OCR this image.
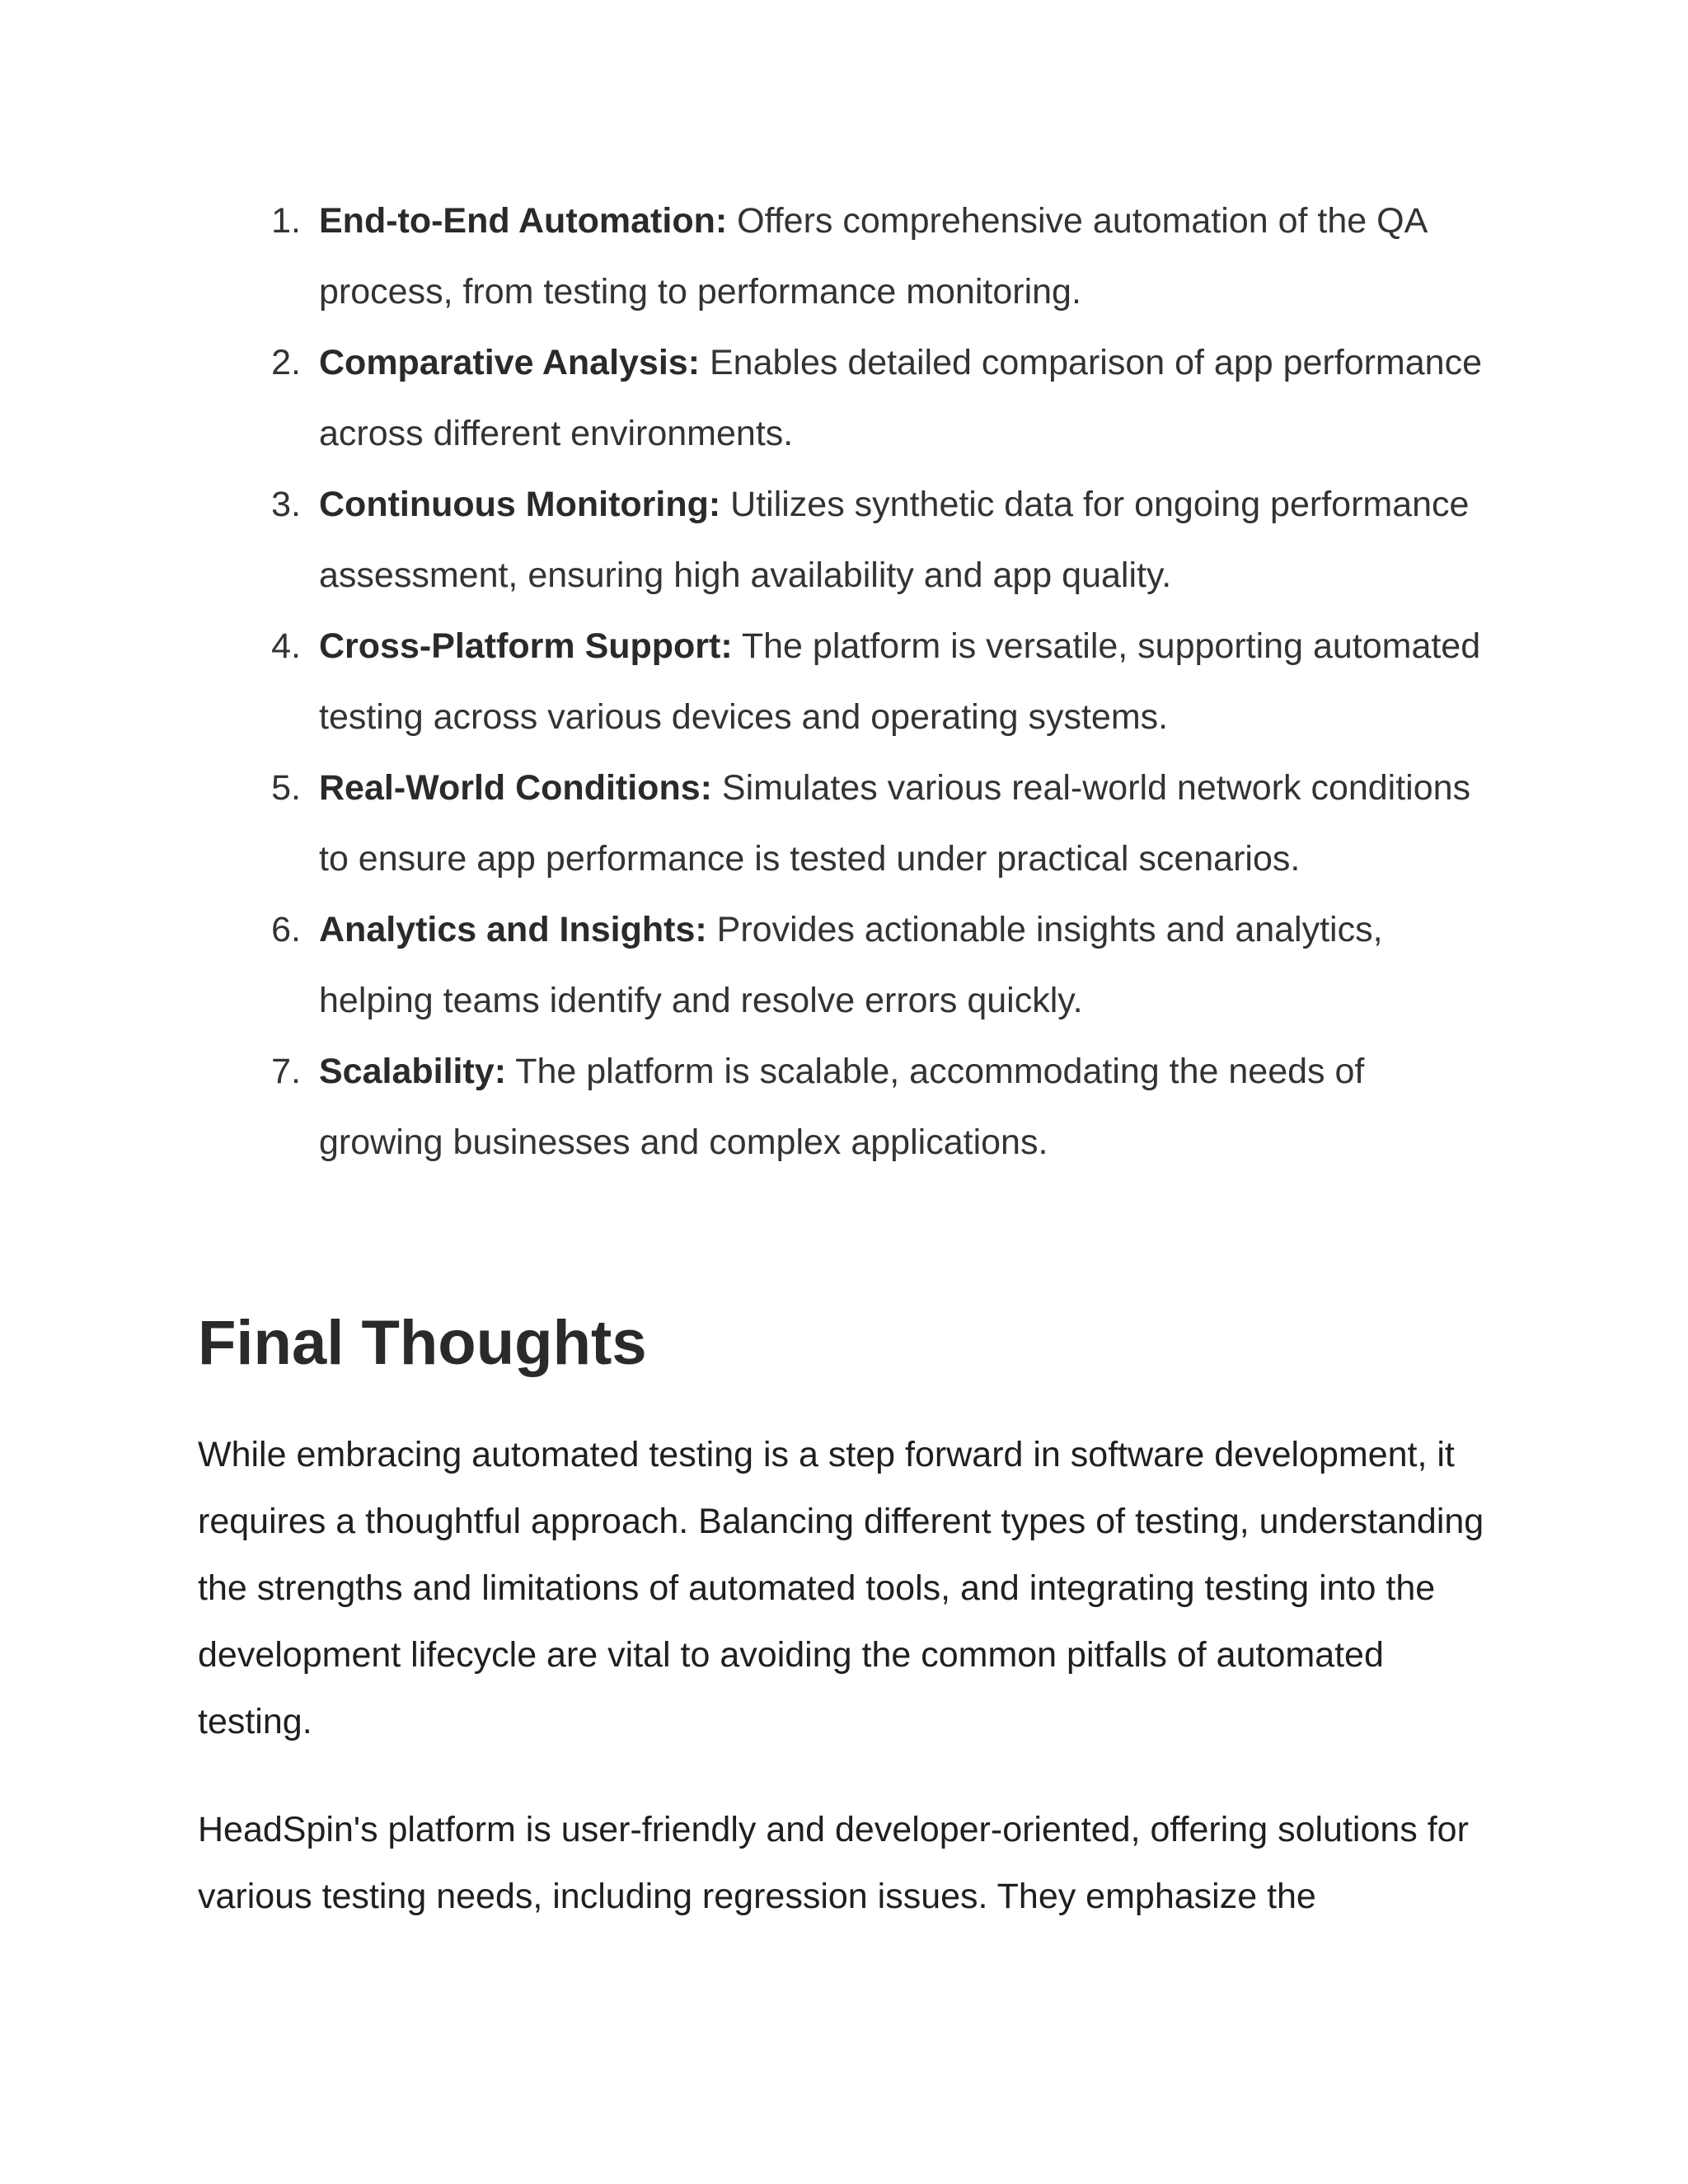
1. End-to-End Automation: Offers comprehensive automation of the QA process, from testing to performance monitoring.
2. Comparative Analysis: Enables detailed comparison of app performance across different environments.
3. Continuous Monitoring: Utilizes synthetic data for ongoing performance assessment, ensuring high availability and app quality.
4. Cross-Platform Support: The platform is versatile, supporting automated testing across various devices and operating systems.
5. Real-World Conditions: Simulates various real-world network conditions to ensure app performance is tested under practical scenarios.
6. Analytics and Insights: Provides actionable insights and analytics, helping teams identify and resolve errors quickly.
7. Scalability: The platform is scalable, accommodating the needs of growing businesses and complex applications.
Final Thoughts

While embracing automated testing is a step forward in software development, it requires a thoughtful approach. Balancing different types of testing, understanding the strengths and limitations of automated tools, and integrating testing into the development lifecycle are vital to avoiding the common pitfalls of automated testing.

HeadSpin's platform is user-friendly and developer-oriented, offering solutions for various testing needs, including regression issues. They emphasize the
